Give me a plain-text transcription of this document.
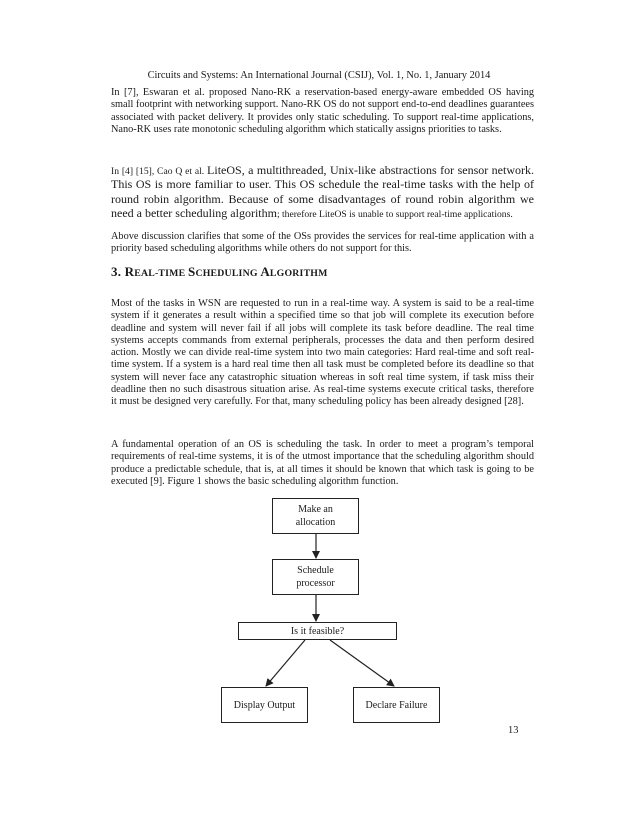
Circuits and Systems: An International Journal (CSIJ), Vol. 1, No. 1, January 2014

In [7], Eswaran et al. proposed Nano-RK a reservation-based energy-aware embedded OS having small footprint with networking support. Nano-RK OS do not support end-to-end deadlines guarantees associated with packet delivery. It provides only static scheduling. To support real-time applications, Nano-RK uses rate monotonic scheduling algorithm which statically assigns priorities to tasks.

In [4] [15], Cao Q et al. LiteOS, a multithreaded, Unix-like abstractions for sensor network. This OS is more familiar to user. This OS schedule the real-time tasks with the help of round robin algorithm. Because of some disadvantages of round robin algorithm we need a better scheduling algorithm; therefore LiteOS is unable to support real-time applications.

Above discussion clarifies that some of the OSs provides the services for real-time application with a priority based scheduling algorithms while others do not support for this.

3. REAL-TIME SCHEDULING ALGORITHM

Most of the tasks in WSN are requested to run in a real-time way. A system is said to be a real-time system if it generates a result within a specified time so that job will complete its execution before deadline and system will never fail if all jobs will complete its task before deadline. The real time systems accepts commands from external peripherals, processes the data and then perform desired action. Mostly we can divide real-time system into two main categories: Hard real-time and soft real-time system. If a system is a hard real time then all task must be completed before its deadline so that system will never face any catastrophic situation whereas in soft real time system, if task miss their deadline then no such disastrous situation arise. As real-time systems execute critical tasks, therefore it must be designed very carefully. For that, many scheduling policy has been already designed [28].

A fundamental operation of an OS is scheduling the task. In order to meet a program’s temporal requirements of real-time systems, it is of the utmost importance that the scheduling algorithm should produce a predictable schedule, that is, at all times it should be known that which task is going to be executed [9]. Figure 1 shows the basic scheduling algorithm function.

Make an allocation
Schedule processor
Is it feasible?
Display Output	Declare Failure
13
